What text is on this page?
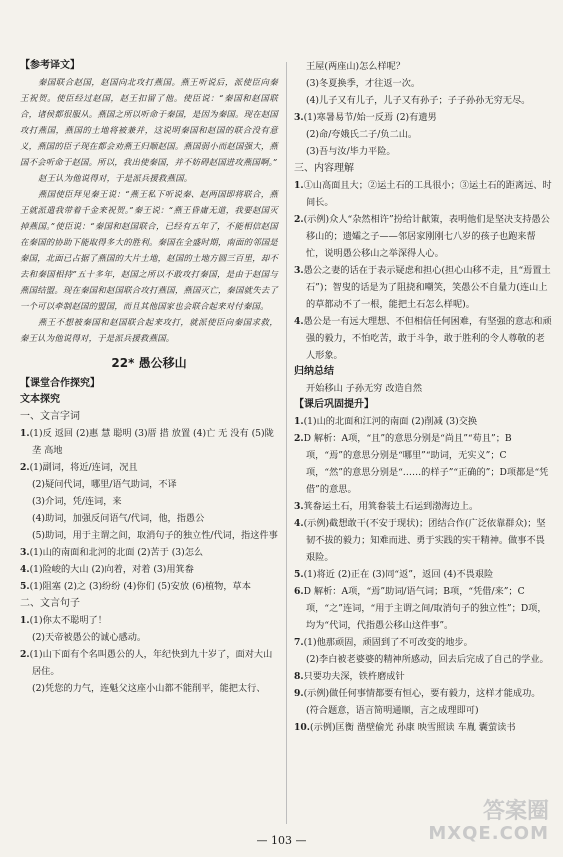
【参考译文】

秦国联合赵国，赵国向北攻打燕国。燕王听说后，派使臣向秦王祝贺。使臣经过赵国，赵王扣留了他。使臣说：“秦国和赵国联合，诸侯都很服从。燕国之所以听命于秦国，是因为秦国。现在赵国攻打燕国，燕国的土地将被兼并，这说明秦国和赵国的联合没有意义，燕国的臣子现在都会劝燕王归顺赵国。燕国弱小而赵国强大，燕国不会听命于赵国。所以，我出使秦国，并不妨碍赵国进攻燕国啊。”

赵王认为他说得对，于是派兵援救燕国。

燕国使臣拜见秦王说：“燕王私下听说秦、赵两国即将联合，燕王就派遣我带着千金来祝贺。”秦王说：“燕王昏庸无道，我要赵国灭掉燕国。”使臣说：“秦国和赵国联合，已经有五年了，不能相信赵国在秦国的协助下能取得多大的胜利。秦国在全盛时期，南面的邻国是秦国，北面已占据了燕国的大片土地，赵国的土地方圆三百里，却不去和秦国相持”五十多年，赵国之所以不敢攻打秦国，是由于赵国与燕国结盟。现在秦国和赵国联合攻打燕国，燕国灭亡，秦国就失去了一个可以牵制赵国的盟国，而且其他国家也会联合起来对付秦国。

燕王不想被秦国和赵国联合起来攻打，就派使臣向秦国求救，秦王认为他说得对，于是派兵援救燕国。

22* 愚公移山
【课堂合作探究】
文本探究
一、文言字词

1.(1)反 返回 (2)惠 慧 聪明 (3)厝 措 放置 (4)亡 无 没有 (5)陇 垄 高地

2.(1)副词，将近/连词，况且

(2)疑问代词，哪里/语气助词，不译

(3)介词，凭/连词，来

(4)助词，加强反问语气/代词，他，指愚公

(5)助词，用于主谓之间，取消句子的独立性/代词，指这件事

3.(1)山的南面和北河的北面 (2)苦于 (3)怎么

4.(1)险峻的大山 (2)向着，对着 (3)用箕畚

5.(1)阻塞 (2)之 (3)纷纷 (4)你们 (5)安放 (6)植物，草本

二、文言句子

1.(1)你太不聪明了！

(2)天帝被愚公的诚心感动。

2.(1)山下面有个名叫愚公的人，年纪快到九十岁了，面对大山居住。

(2)凭您的力气，连魁父这座小山都不能削平，能把太行、

王屋(两座山)怎么样呢？

(3)冬夏换季，才往返一次。

(4)儿子又有儿子，儿子又有孙子；子子孙孙无穷无尽。

3.(1)寒暑易节/始一反焉 (2)有遗男

(2)命/夸娥氏二子/负二山。

(3)吾与汝/毕力平险。

三、内容理解

1.①山高面且大；②运土石的工具很小；③运土石的距离远、时间长。

2.(示例)众人“杂然相许”扮给计献策，表明他们是坚决支持愚公移山的；遗孀之子——邻居家刚刚七八岁的孩子也跑来帮忙，说明愚公移山之举深得人心。

3.愚公之妻的话在于表示疑虑和担心(担心山移不走，且“焉置土石”)；智叟的话是为了阻挠和嘲笑，笑愚公不自量力(连山上的草都动不了一根，能把土石怎么样呢)。

4.愚公是一有远大理想、不但相信任何困难，有坚强的意志和顽强的毅力，不怕吃苦，敢于斗争，敢于胜利的令人尊敬的老人形象。

归纳总结

开始移山 子孙无穷 改造自然

【课后巩固提升】

1.(1)山的北面和江河的南面 (2)削减 (3)交换

2.D 解析：A项，“且”的意思分别是“尚且”“苟且”；B项，“焉”的意思分别是“哪里”“助词，无实义”；C项，“然”的意思分别是“……的样子”“正确的”；D项都是“凭借”的意思。

3.箕畚运土石，用箕畚装土石运到渤海边上。

4.(示例)截想敢干(不安于现状)；团结合作(广泛依靠群众)；坚韧不拔的毅力；知难而进、勇于实践的实干精神。做事不畏艰险。

5.(1)将近 (2)正在 (3)同“返”，返回 (4)不畏艰险

6.D 解析：A项，“焉”助词/语气词；B项，“凭借/来”；C项，“之”连词，“用于主谓之间/取消句子的独立性”；D项，均为“代词，代指愚公移山这件事”。

7.(1)他那顽固，顽固到了不可改变的地步。

(2)李白被老婆婆的精神所感动，回去后完成了自己的学业。

8.只要功夫深，铁杵磨成针

9.(示例)做任何事情都要有恒心，要有毅力，这样才能成功。(符合题意，语言简明通顺，言之成理即可)

10.(示例)匡衡 凿壁偷光 孙康 映雪照读 车胤 囊萤读书

— 103 —
答案圈
MXQE.COM
